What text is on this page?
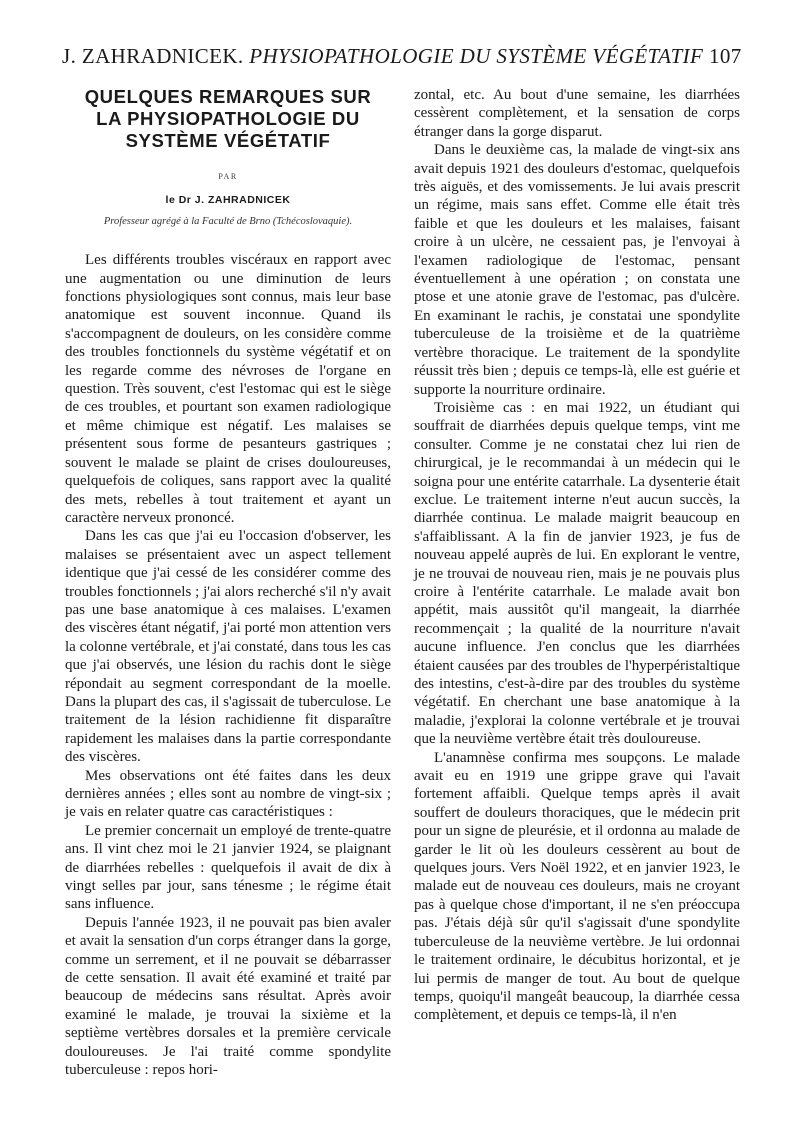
J. ZAHRADNICEK. PHYSIOPATHOLOGIE DU SYSTÈME VÉGÉTATIF 107
QUELQUES REMARQUES SUR
LA PHYSIOPATHOLOGIE DU
SYSTÈME VÉGÉTATIF
PAR
le Dr J. ZAHRADNICEK
Professeur agrégé à la Faculté de Brno (Tchécoslovaquie).

Les différents troubles viscéraux en rapport avec une augmentation ou une diminution de leurs fonctions physiologiques sont connus, mais leur base anatomique est souvent inconnue. Quand ils s'accompagnent de douleurs, on les considère comme des troubles fonctionnels du système végétatif et on les regarde comme des névroses de l'organe en question. Très souvent, c'est l'estomac qui est le siège de ces troubles, et pourtant son examen radiologique et même chimique est négatif. Les malaises se présentent sous forme de pesanteurs gastriques ; souvent le malade se plaint de crises douloureuses, quelquefois de coliques, sans rapport avec la qualité des mets, rebelles à tout traitement et ayant un caractère nerveux prononcé.

Dans les cas que j'ai eu l'occasion d'observer, les malaises se présentaient avec un aspect tellement identique que j'ai cessé de les considérer comme des troubles fonctionnels ; j'ai alors recherché s'il n'y avait pas une base anatomique à ces malaises. L'examen des viscères étant négatif, j'ai porté mon attention vers la colonne vertébrale, et j'ai constaté, dans tous les cas que j'ai observés, une lésion du rachis dont le siège répondait au segment correspondant de la moelle. Dans la plupart des cas, il s'agissait de tuberculose. Le traitement de la lésion rachidienne fit disparaître rapidement les malaises dans la partie correspondante des viscères.

Mes observations ont été faites dans les deux dernières années ; elles sont au nombre de vingt-six ; je vais en relater quatre cas caractéristiques :

Le premier concernait un employé de trente-quatre ans. Il vint chez moi le 21 janvier 1924, se plaignant de diarrhées rebelles : quelquefois il avait de dix à vingt selles par jour, sans ténesme ; le régime était sans influence.

Depuis l'année 1923, il ne pouvait pas bien avaler et avait la sensation d'un corps étranger dans la gorge, comme un serrement, et il ne pouvait se débarrasser de cette sensation. Il avait été examiné et traité par beaucoup de médecins sans résultat. Après avoir examiné le malade, je trouvai la sixième et la septième vertèbres dorsales et la première cervicale douloureuses. Je l'ai traité comme spondylite tuberculeuse : repos hori-

zontal, etc. Au bout d'une semaine, les diarrhées cessèrent complètement, et la sensation de corps étranger dans la gorge disparut.

Dans le deuxième cas, la malade de vingt-six ans avait depuis 1921 des douleurs d'estomac, quelquefois très aiguës, et des vomissements. Je lui avais prescrit un régime, mais sans effet. Comme elle était très faible et que les douleurs et les malaises, faisant croire à un ulcère, ne cessaient pas, je l'envoyai à l'examen radiologique de l'estomac, pensant éventuellement à une opération ; on constata une ptose et une atonie grave de l'estomac, pas d'ulcère. En examinant le rachis, je constatai une spondylite tuberculeuse de la troisième et de la quatrième vertèbre thoracique. Le traitement de la spondylite réussit très bien ; depuis ce temps-là, elle est guérie et supporte la nourriture ordinaire.

Troisième cas : en mai 1922, un étudiant qui souffrait de diarrhées depuis quelque temps, vint me consulter. Comme je ne constatai chez lui rien de chirurgical, je le recommandai à un médecin qui le soigna pour une entérite catarrhale. La dysenterie était exclue. Le traitement interne n'eut aucun succès, la diarrhée continua. Le malade maigrit beaucoup en s'affaiblissant. A la fin de janvier 1923, je fus de nouveau appelé auprès de lui. En explorant le ventre, je ne trouvai de nouveau rien, mais je ne pouvais plus croire à l'entérite catarrhale. Le malade avait bon appétit, mais aussitôt qu'il mangeait, la diarrhée recommençait ; la qualité de la nourriture n'avait aucune influence. J'en conclus que les diarrhées étaient causées par des troubles de l'hyperpéristaltique des intestins, c'est-à-dire par des troubles du système végétatif. En cherchant une base anatomique à la maladie, j'explorai la colonne vertébrale et je trouvai que la neuvième vertèbre était très douloureuse.

L'anamnèse confirma mes soupçons. Le malade avait eu en 1919 une grippe grave qui l'avait fortement affaibli. Quelque temps après il avait souffert de douleurs thoraciques, que le médecin prit pour un signe de pleurésie, et il ordonna au malade de garder le lit où les douleurs cessèrent au bout de quelques jours. Vers Noël 1922, et en janvier 1923, le malade eut de nouveau ces douleurs, mais ne croyant pas à quelque chose d'important, il ne s'en préoccupa pas. J'étais déjà sûr qu'il s'agissait d'une spondylite tuberculeuse de la neuvième vertèbre. Je lui ordonnai le traitement ordinaire, le décubitus horizontal, et je lui permis de manger de tout. Au bout de quelque temps, quoiqu'il mangeât beaucoup, la diarrhée cessa complètement, et depuis ce temps-là, il n'en
